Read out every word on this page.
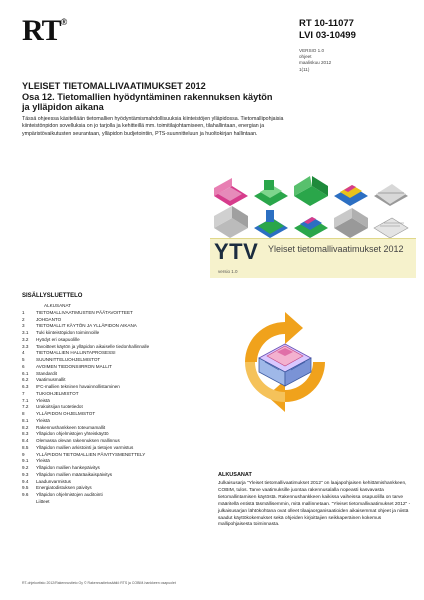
RT®	RT 10-11077
LVI 03-10499
VERSIO 1.0
ohjeet
maaliskuu 2012
1(11)
YLEISET TIETOMALLIVAATIMUKSET 2012
Osa 12. Tietomallien hyödyntäminen rakennuksen käytön
ja ylläpidon aikana
Tässä ohjeessa käsitellään tietomallien hyödyntämismahdollisuuksia kiinteistöjen ylläpidossa. Tietomallipohjaisia kiinteistönpidon sovelluksia on jo tarjolla ja kehitteillä mm. toimitilajohtamiseen, tilahallintaan, energian ja ympäristövaikutusten seurantaan, ylläpidon budjetointiin, PTS-suunnitteluun ja huoltokirjan hallintaan.
YTV Yleiset tietomallivaatimukset 2012
versio 1.0
SISÄLLYSLUETTELO
ALKUSANAT
1	TIETOMALLIVAATIMUSTEN PÄÄTAVOITTEET
2	JOHDANTO
3	TIETOMALLIT KÄYTÖN JA YLLÄPIDON AIKANA
3.1	Tuki kiinteistöpidon toiminnoille
3.2	Hyödyt eri osapuolille
3.3	Tavoitteet käytön ja ylläpidon aikaiselle tiedonhallinnalle
4	TIETOMALLIEN HALLINTAPROSESSI
5	SUUNNITTELUOHJELMISTOT
6	AVOIMEN TIEDONSIIRRON MALLIT
6.1	Standardit
6.2	Vaatimusmallit
6.3	IFC-mallien tekninen havainnollistaminen
7	TUKIOHJELMISTOT
7.1	Yleistä
7.2	Urakoitsijan tuotetiedot
8	YLLÄPIDON OHJELMISTOT
8.1	Yleistä
8.2	Rakennushankkeen toteumamallit
8.3	Ylläpidon ohjelmistojen yhteiskäyttö
8.4	Olemassa olevan rakennuksen mallinnus
8.5	Ylläpidon mallien arkistointi ja tietojen varmistus
9	YLLÄPIDON TIETOMALLIEN PÄIVITYSMENETTELY
9.1	Yleistä
9.2	Ylläpidon mallien hankepäivitys
9.3	Ylläpidon mallien määräaikaispäivitys
9.4	Laadunvarmistus
9.5	Energiatodistuksen päivitys
9.6	Ylläpidon ohjelmistojen auditointi
Liitteet
ALKUSANAT
Julkaisusarja "Yleiset tietomallivaatimukset 2012" on laajapohjaisen kehittämishankkeen, COBIM, tulos. Tarve vaatimuksille juontaa rakennusalalla nopeasti kasvavasta tietomallintamisen käytöstä. Rakennushankkeen kaikissa vaiheissa osapuolilla on tarve määritellä entistä täsmällisemmin, mitä mallinnetaan. "Yleiset tietomallivaatimukset 2012" -julkaisusarjan lähtökohtana ovat olleet tilaajaorganisaatioiden aikaisemmat ohjeet ja niistä saadut käyttökokemukset sekä ohjeiden kirjoittajien seikkaperäinen kokemus mallipohjaisesta toiminnasta.
RT-ohjekortisto 2012/Rakennustieto Oy © Rakennustietosäätiö RTS ja COBIM-hankkeen osapuolet
